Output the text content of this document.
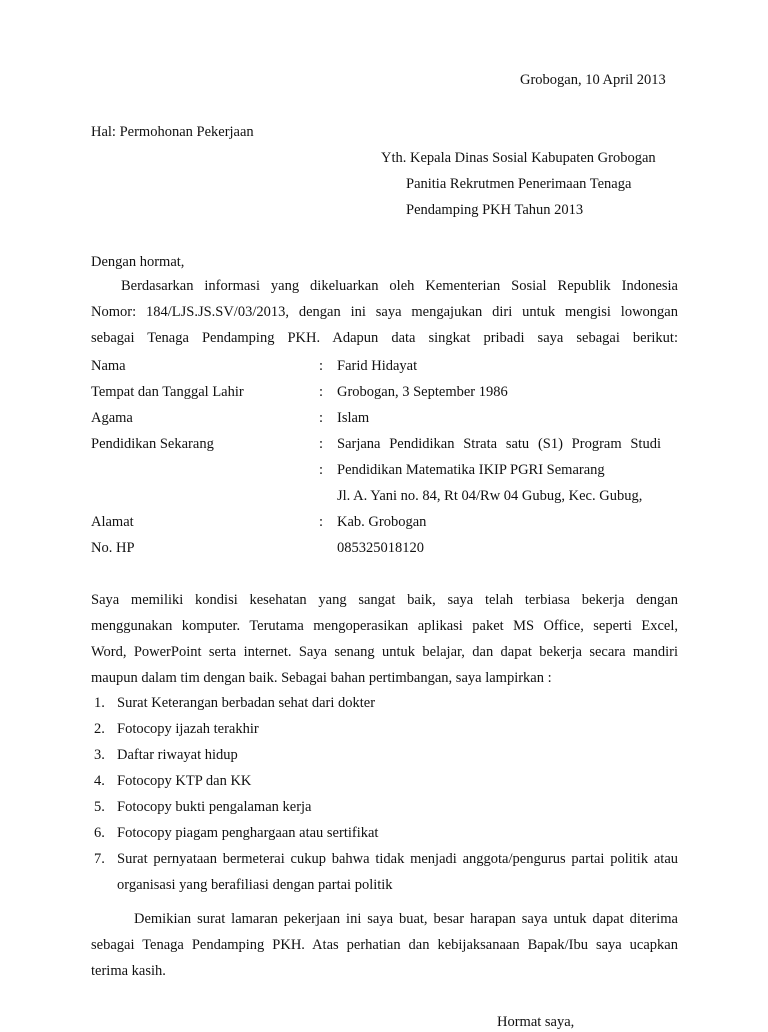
Grobogan, 10 April 2013
Hal: Permohonan Pekerjaan
Yth. Kepala Dinas Sosial Kabupaten Grobogan
Panitia Rekrutmen Penerimaan Tenaga
Pendamping PKH Tahun 2013
Dengan hormat,
Berdasarkan informasi yang dikeluarkan oleh Kementerian Sosial Republik Indonesia
Nomor: 184/LJS.JS.SV/03/2013, dengan ini saya mengajukan diri untuk mengisi lowongan
sebagai Tenaga Pendamping PKH. Adapun data singkat pribadi saya sebagai berikut:
Nama	: Farid Hidayat
Tempat dan Tanggal Lahir	: Grobogan, 3 September 1986
Agama	: Islam
Pendidikan Sekarang	: Sarjana Pendidikan Strata satu (S1) Program Studi
: Pendidikan Matematika IKIP PGRI Semarang
Jl. A. Yani no. 84, Rt 04/Rw 04 Gubug, Kec. Gubug,
Alamat	: Kab. Grobogan
No. HP	085325018120
Saya memiliki kondisi kesehatan yang sangat baik, saya telah terbiasa bekerja dengan
menggunakan komputer. Terutama mengoperasikan aplikasi paket MS Office, seperti Excel,
Word, PowerPoint serta internet. Saya senang untuk belajar, dan dapat bekerja secara mandiri
maupun dalam tim dengan baik. Sebagai bahan pertimbangan, saya lampirkan :
1. Surat Keterangan berbadan sehat dari dokter
2. Fotocopy ijazah terakhir
3. Daftar riwayat hidup
4. Fotocopy KTP dan KK
5. Fotocopy bukti pengalaman kerja
6. Fotocopy piagam penghargaan atau sertifikat
7. Surat pernyataan bermeterai cukup bahwa tidak menjadi anggota/pengurus partai politik atau
organisasi yang berafiliasi dengan partai politik
Demikian surat lamaran pekerjaan ini saya buat, besar harapan saya untuk dapat diterima
sebagai Tenaga Pendamping PKH. Atas perhatian dan kebijaksanaan Bapak/Ibu saya ucapkan
terima kasih.
Hormat saya,
